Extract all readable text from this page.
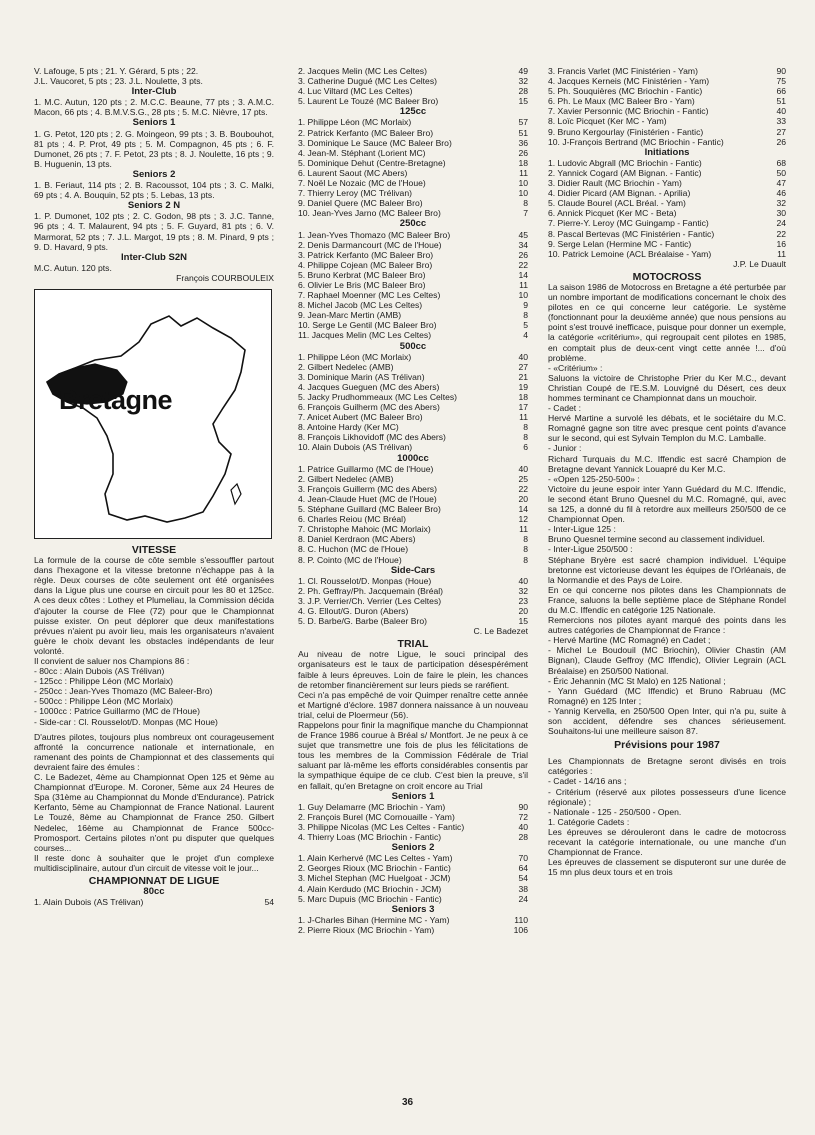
V. Lafouge, 5 pts ; 21. Y. Gérard, 5 pts ; 22.
J.L. Vaucoret, 5 pts ; 23. J.L. Noulette, 3 pts.
Inter-Club
1. M.C. Autun, 120 pts ; 2. M.C.C. Beaune, 77 pts ; 3. A.M.C. Macon, 66 pts ; 4. B.M.V.S.G., 28 pts ; 5. M.C. Nièvre, 17 pts.
Seniors 1
1. G. Petot, 120 pts ; 2. G. Moingeon, 99 pts ; 3. B. Boubouhot, 81 pts ; 4. P. Prot, 49 pts ; 5. M. Compagnon, 45 pts ; 6. F. Dumonet, 26 pts ; 7. F. Petot, 23 pts ; 8. J. Noulette, 16 pts ; 9. B. Huguenin, 13 pts.
Seniors 2
1. B. Feriaut, 114 pts ; 2. B. Racoussot, 104 pts ; 3. C. Malki, 69 pts ; 4. A. Bouquin, 52 pts ; 5. Lebas, 13 pts.
Seniors 2 N
1. P. Dumonet, 102 pts ; 2. C. Godon, 98 pts ; 3. J.C. Tanne, 96 pts ; 4. T. Malaurent, 94 pts ; 5. F. Guyard, 81 pts ; 6. V. Marmorat, 52 pts ; 7. J.L. Margot, 19 pts ; 8. M. Pinard, 9 pts ; 9. D. Havard, 9 pts.
Inter-Club S2N
M.C. Autun. 120 pts.
François COURBOULEIX
Bretagne
VITESSE
La formule de la course de côte semble s'essouffler partout dans l'hexagone et la vitesse bretonne n'échappe pas à la règle. Deux courses de côte seulement ont été organisées dans la Ligue plus une course en circuit pour les 80 et 125cc. A ces deux côtes : Lothey et Plumeliau, la Commission décida d'ajouter la course de Flee (72) pour que le Championnat puisse exister. On peut déplorer que deux manifestations prévues n'aient pu avoir lieu, mais les organisateurs n'avaient guère le choix devant les obstacles indépendants de leur volonté.
Il convient de saluer nos Champions 86 :
- 80cc : Alain Dubois (AS Trélivan)
- 125cc : Philippe Léon (MC Morlaix)
- 250cc : Jean-Yves Thomazo (MC Baleer-Bro)
- 500cc : Philippe Léon (MC Morlaix)
- 1000cc : Patrice Guillarmo (MC de l'Houe)
- Side-car : Cl. Rousselot/D. Monpas (MC Houe)
D'autres pilotes, toujours plus nombreux ont courageusement affronté la concurrence nationale et internationale, en ramenant des points de Championnat et des classements qui devraient faire des émules :
C. Le Badezet, 4ème au Championnat Open 125 et 9ème au Championnat d'Europe. M. Coroner, 5ème aux 24 Heures de Spa (31ème au Championnat du Monde d'Endurance). Patrick Kerfanto, 5ème au Championnat de France National. Laurent Le Touzé, 8ème au Championnat de France 250. Gilbert Nedelec, 16ème au Championnat de France 500cc-Promosport. Certains pilotes n'ont pu disputer que quelques courses...
Il reste donc à souhaiter que le projet d'un complexe multidisciplinaire, autour d'un circuit de vitesse voit le jour...
CHAMPIONNAT DE LIGUE
80cc
1. Alain Dubois (AS Trélivan)	54
2. Jacques Melin (MC Les Celtes)	49
3. Catherine Dugué (MC Les Celtes)	32
4. Luc Viltard (MC Les Celtes)	28
5. Laurent Le Touzé (MC Baleer Bro)	15
125cc
1. Philippe Léon (MC Morlaix)	57
2. Patrick Kerfanto (MC Baleer Bro)	51
3. Dominique Le Sauce (MC Baleer Bro)	36
4. Jean-M. Stéphant (Lorient MC)	26
5. Dominique Dehut (Centre-Bretagne)	18
6. Laurent Saout (MC Abers)	11
7. Noël Le Nozaic (MC de l'Houe)	10
7. Thierry Leroy (MC Trélivan)	10
9. Daniel Quere (MC Baleer Bro)	8
10. Jean-Yves Jarno (MC Baleer Bro)	7
250cc
1. Jean-Yves Thomazo (MC Baleer Bro)	45
2. Denis Darmancourt (MC de l'Houe)	34
3. Patrick Kerfanto (MC Baleer Bro)	26
4. Philippe Cojean (MC Baleer Bro)	22
5. Bruno Kerbrat (MC Baleer Bro)	14
6. Olivier Le Bris (MC Baleer Bro)	11
7. Raphael Moenner (MC Les Celtes)	10
8. Michel Jacob (MC Les Celtes)	9
9. Jean-Marc Mertin (AMB)	8
10. Serge Le Gentil (MC Baleer Bro)	5
11. Jacques Melin (MC Les Celtes)	4
500cc
1. Philippe Léon (MC Morlaix)	40
2. Gilbert Nedelec (AMB)	27
3. Dominique Marin (AS Trélivan)	21
4. Jacques Gueguen (MC des Abers)	19
5. Jacky Prudhommeaux (MC Les Celtes)	18
6. François Guilherm (MC des Abers)	17
7. Anicet Aubert (MC Baleer Bro)	11
8. Antoine Hardy (Ker MC)	8
8. François Likhovidoff (MC des Abers)	8
10. Alain Dubois (AS Trélivan)	6
1000cc
1. Patrice Guillarmo (MC de l'Houe)	40
2. Gilbert Nedelec (AMB)	25
3. François Guillerm (MC des Abers)	22
4. Jean-Claude Huet (MC de l'Houe)	20
5. Stéphane Guillard (MC Baleer Bro)	14
6. Charles Reiou (MC Bréal)	12
7. Christophe Mahoic (MC Morlaix)	11
8. Daniel Kerdraon (MC Abers)	8
8. C. Huchon (MC de l'Houe)	8
8. P. Cointo (MC de l'Houe)	8
Side-Cars
1. Cl. Rousselot/D. Monpas (Houe)	40
2. Ph. Geffray/Ph. Jacquemain (Bréal)	32
3. J.P. Verrier/Ch. Verrier (Les Celtes)	23
4. G. Ellout/G. Duron (Abers)	20
5. D. Barbe/G. Barbe (Baleer Bro)	15
C. Le Badezet
TRIAL
Au niveau de notre Ligue, le souci principal des organisateurs est le taux de participation désespérément faible à leurs épreuves. Loin de faire le plein, les chances de retomber financièrement sur leurs pieds se raréfient.
Ceci n'a pas empêché de voir Quimper renaître cette année et Martigné d'éclore. 1987 donnera naissance à un nouveau trial, celui de Ploermeur (56).
Rappelons pour finir la magnifique manche du Championnat de France 1986 courue à Bréal s/ Montfort. Je ne peux à ce sujet que transmettre une fois de plus les félicitations de tous les membres de la Commission Fédérale de Trial saluant par là-même les efforts considérables consentis par la sympathique équipe de ce club. C'est bien la preuve, s'il en fallait, qu'en Bretagne on croit encore au Trial
Seniors 1
1. Guy Delamarre (MC Briochin - Yam)	90
2. François Burel (MC Cornouaille - Yam)	72
3. Philippe Nicolas (MC Les Celtes - Fantic)	40
4. Thierry Loas (MC Briochin - Fantic)	28
Seniors 2
1. Alain Kerhervé (MC Les Celtes - Yam)	70
2. Georges Rioux (MC Briochin - Fantic)	64
3. Michel Stephan (MC Huelgoat - JCM)	54
4. Alain Kerdudo (MC Briochin - JCM)	38
5. Marc Dupuis (MC Briochin - Fantic)	24
Seniors 3
1. J-Charles Bihan (Hermine MC - Yam)	110
2. Pierre Rioux (MC Briochin - Yam)	106
3. Francis Varlet (MC Finistérien - Yam)	90
4. Jacques Kerneis (MC Finistérien - Yam)	75
5. Ph. Souquières (MC Briochin - Fantic)	66
6. Ph. Le Maux (MC Baleer Bro - Yam)	51
7. Xavier Personnic (MC Briochin - Fantic)	40
8. Loïc Picquet (Ker MC - Yam)	33
9. Bruno Kergourlay (Finistérien - Fantic)	27
10. J-François Bertrand (MC Briochin - Fantic)	26
Initiations
1. Ludovic Abgrall (MC Briochin - Fantic)	68
2. Yannick Cogard (AM Bignan. - Fantic)	50
3. Didier Rault (MC Briochin - Yam)	47
4. Didier Picard (AM Bignan. - Aprilia)	46
5. Claude Bourel (ACL Bréal. - Yam)	32
6. Annick Picquet (Ker MC - Beta)	30
7. Pierre-Y. Leroy (MC Guingamp - Fantic)	24
8. Pascal Bertevas (MC Finistérien - Fantic)	22
9. Serge Lelan (Hermine MC - Fantic)	16
10. Patrick Lemoine (ACL Bréalaise - Yam)	11
J.P. Le Duault
MOTOCROSS
La saison 1986 de Motocross en Bretagne a été perturbée par un nombre important de modifications concernant le choix des pilotes en ce qui concerne leur catégorie. Le système (fonctionnant pour la deuxième année) que nous pensions au point s'est trouvé inefficace, puisque pour donner un exemple, la catégorie «critérium», qui regroupait cent pilotes en 1985, en comptait plus de deux-cent vingt cette année !... d'où problème.
- «Critérium» :
Saluons la victoire de Christophe Prier du Ker M.C., devant Christian Coupé de l'E.S.M. Louvigné du Désert, ces deux hommes terminant ce Championnat dans un mouchoir.
- Cadet :
Hervé Martine a survolé les débats, et le sociétaire du M.C. Romagné gagne son titre avec presque cent points d'avance sur le second, qui est Sylvain Templon du M.C. Lamballe.
- Junior :
Richard Turquais du M.C. Iffendic est sacré Champion de Bretagne devant Yannick Louapré du Ker M.C.
- «Open 125-250-500» :
Victoire du jeune espoir inter Yann Guédard du M.C. Iffendic, le second étant Bruno Quesnel du M.C. Romagné, qui, avec sa 125, a donné du fil à retordre aux meilleurs 250/500 de ce Championnat Open.
- Inter-Ligue 125 :
Bruno Quesnel termine second au classement individuel.
- Inter-Ligue 250/500 :
Stéphane Bryère est sacré champion individuel. L'équipe bretonne est victorieuse devant les équipes de l'Orléanais, de la Normandie et des Pays de Loire.
En ce qui concerne nos pilotes dans les Championnats de France, saluons la belle septième place de Stéphane Rondel du M.C. Iffendic en catégorie 125 Nationale.
Remercions nos pilotes ayant marqué des points dans les autres catégories de Championnat de France :
- Hervé Martine (MC Romagné) en Cadet ;
- Michel Le Boudouil (MC Briochin), Olivier Chastin (AM Bignan), Claude Geffroy (MC Iffendic), Olivier Legrain (ACL Bréalaise) en 250/500 National.
- Éric Jehannin (MC St Malo) en 125 National ;
- Yann Guédard (MC Iffendic) et Bruno Rabruau (MC Romagné) en 125 Inter ;
- Yannig Kervella, en 250/500 Open Inter, qui n'a pu, suite à son accident, défendre ses chances sérieusement. Souhaitons-lui une meilleure saison 87.
Prévisions pour 1987
Les Championnats de Bretagne seront divisés en trois catégories :
- Cadet - 14/16 ans ;
- Critérium (réservé aux pilotes possesseurs d'une licence régionale) ;
- Nationale - 125 - 250/500 - Open.
1. Catégorie Cadets :
Les épreuves se dérouleront dans le cadre de motocross recevant la catégorie internationale, ou une manche d'un Championnat de France.
Les épreuves de classement se disputeront sur une durée de 15 mn plus deux tours et en trois
36
